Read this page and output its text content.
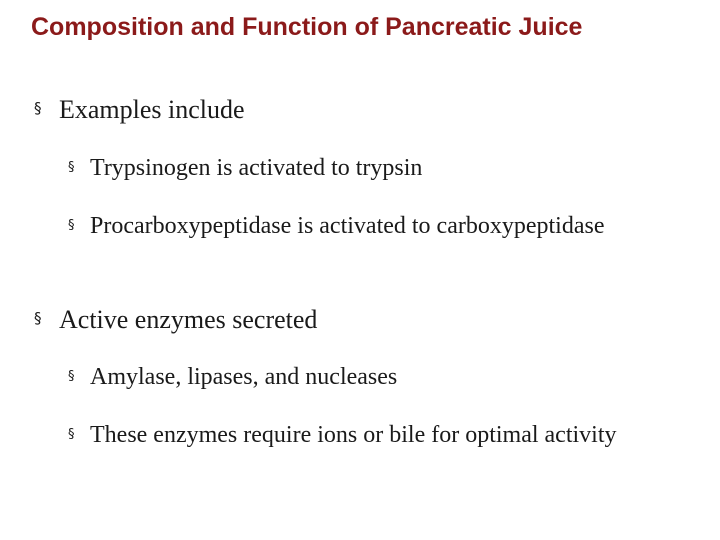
Composition and Function of Pancreatic Juice
§ Examples include
§ Trypsinogen is activated to trypsin
§ Procarboxypeptidase is activated to carboxypeptidase
§ Active enzymes secreted
§ Amylase, lipases, and nucleases
§ These enzymes require ions or bile for optimal activity
